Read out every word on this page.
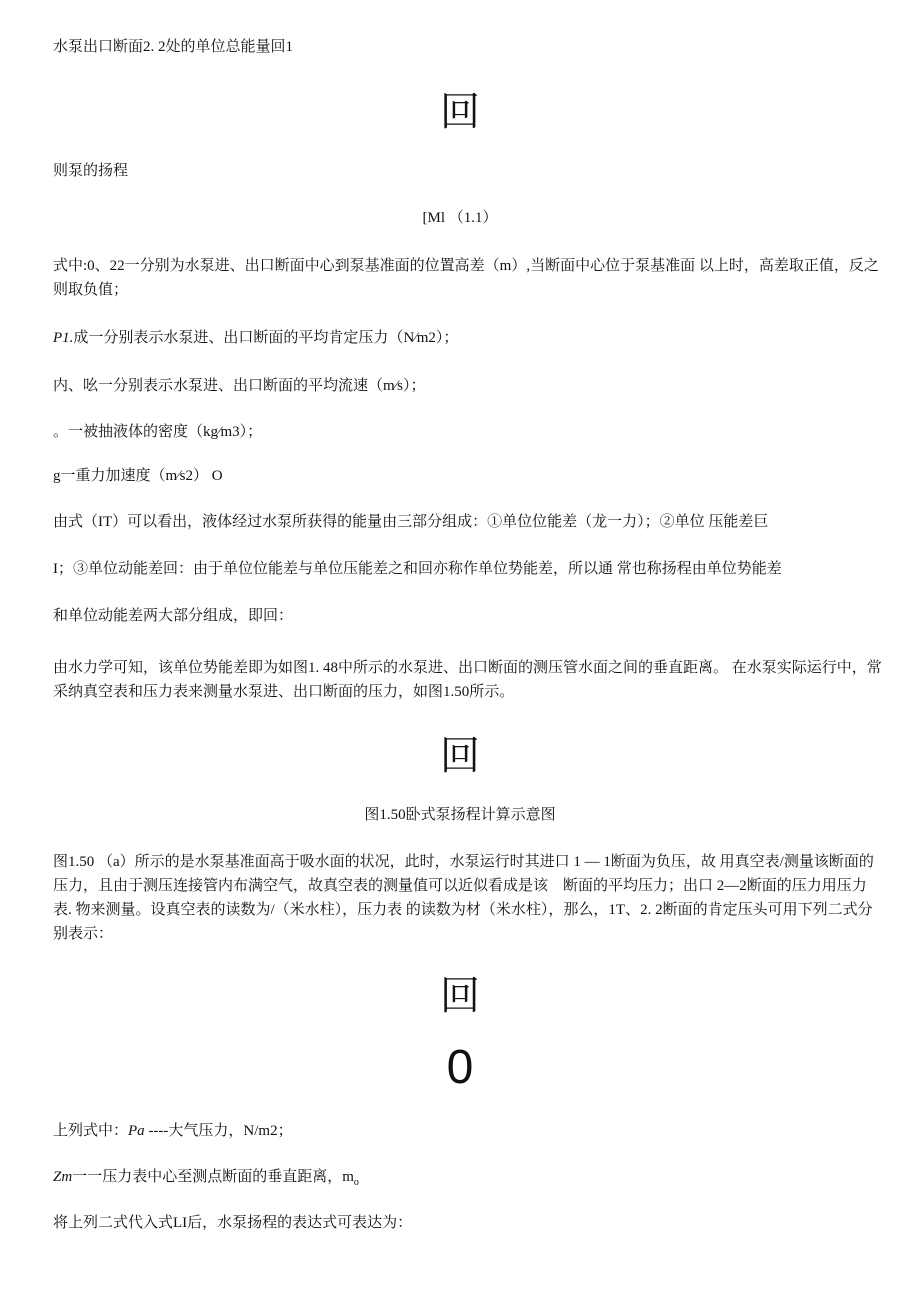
水泵出口断面2. 2处的单位总能量回1

回

则泵的扬程

[Ml （1.1）

式中:0、22一分别为水泵进、出口断面中心到泵基准面的位置高差（m）,当断面中心位于泵基准面 以上时，高差取正值，反之则取负值；

P1.成一分别表示水泵进、出口断面的平均肯定压力（N⁄m2）；

内、吆一分别表示水泵进、出口断面的平均流速（m⁄s）；

。一被抽液体的密度（kg⁄m3）；

g一重力加速度（m⁄s2） O

由式（IT）可以看出，液体经过水泵所获得的能量由三部分组成：①单位位能差（龙一力）；②单位 压能差巨

I；③单位动能差回：由于单位位能差与单位压能差之和回亦称作单位势能差，所以通 常也称扬程由单位势能差

和单位动能差两大部分组成，即回：

由水力学可知，该单位势能差即为如图1. 48中所示的水泵进、出口断面的测压管水面之间的垂直距离。 在水泵实际运行中，常采纳真空表和压力表来测量水泵进、出口断面的压力，如图1.50所示。

回

图1.50卧式泵扬程计算示意图

图1.50 （a）所示的是水泵基准面高于吸水面的状况，此时，水泵运行时其进口 1 — 1断面为负压，故 用真空表/测量该断面的压力，且由于测压连接管内布满空气，故真空表的测量值可以近似看成是该　断面的平均压力；出口 2—2断面的压力用压力表. 物来测量。设真空表的读数为/（米水柱），压力表 的读数为材（米水柱），那么，1T、2. 2断面的肯定压头可用下列二式分别表示：

回
0

上列式中：Pa ----大气压力，N/m2；

Zm一一压力表中心至测点断面的垂直距离，$m_o$

将上列二式代入式LI后，水泵扬程的表达式可表达为：
